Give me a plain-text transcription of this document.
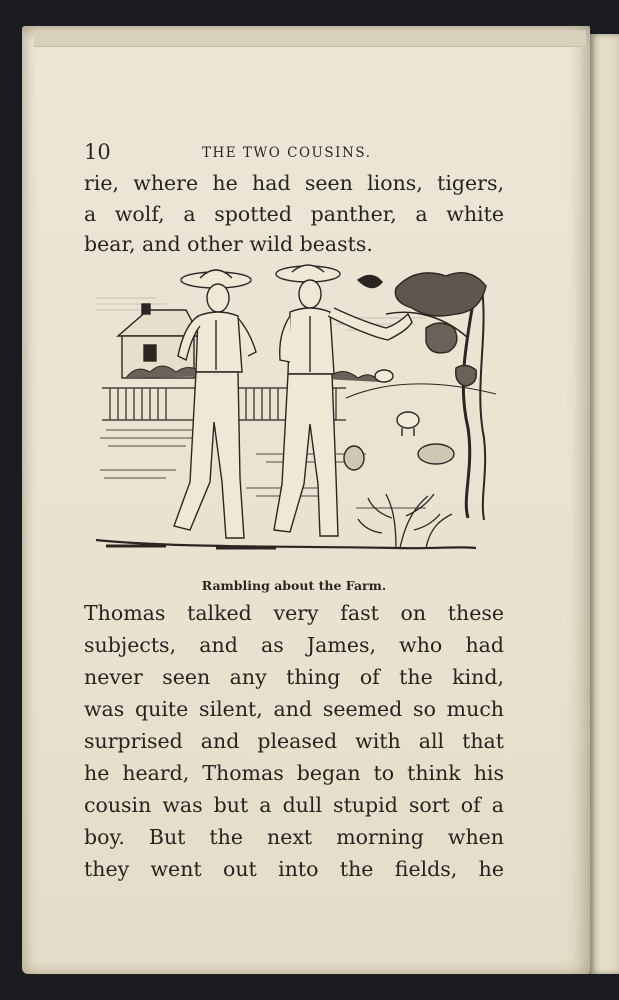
10	THE TWO COUSINS.
rie, where he had seen lions, tigers,
a wolf, a spotted panther, a white
bear, and other wild beasts.
Rambling about the Farm.
Thomas talked very fast on these
subjects, and as James, who had
never seen any thing of the kind,
was quite silent, and seemed so much
surprised and pleased with all that
he heard, Thomas began to think his
cousin was but a dull stupid sort of a
boy. But the next morning when
they went out into the fields, he
